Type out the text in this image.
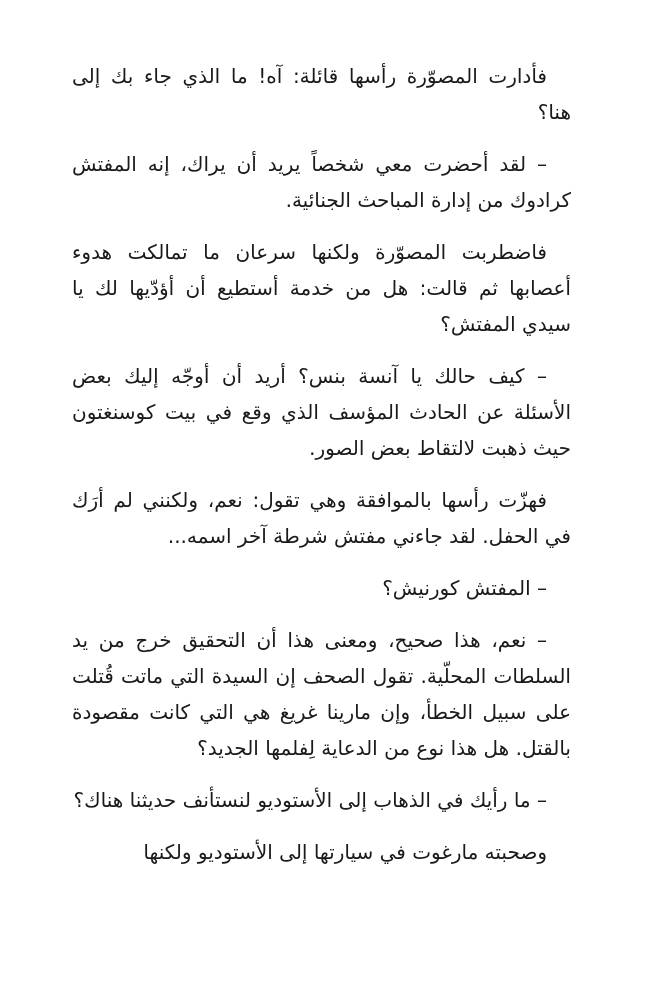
فأدارت المصوّرة رأسها قائلة: آه! ما الذي جاء بك إلى هنا؟

– لقد أحضرت معي شخصاً يريد أن يراك، إنه المفتش كرادوك من إدارة المباحث الجنائية.

فاضطربت المصوّرة ولكنها سرعان ما تمالكت هدوء أعصابها ثم قالت: هل من خدمة أستطيع أن أؤدّيها لك يا سيدي المفتش؟

– كيف حالك يا آنسة بنس؟ أريد أن أوجّه إليك بعض الأسئلة عن الحادث المؤسف الذي وقع في بيت كوسنغتون حيث ذهبت لالتقاط بعض الصور.

فهزّت رأسها بالموافقة وهي تقول: نعم، ولكنني لم أرَك في الحفل. لقد جاءني مفتش شرطة آخر اسمه...

– المفتش كورنيش؟

– نعم، هذا صحيح، ومعنى هذا أن التحقيق خرج من يد السلطات المحلّية. تقول الصحف إن السيدة التي ماتت قُتلت على سبيل الخطأ، وإن مارينا غريغ هي التي كانت مقصودة بالقتل. هل هذا نوع من الدعاية لِفلمها الجديد؟

– ما رأيك في الذهاب إلى الأستوديو لنستأنف حديثنا هناك؟

وصحبته مارغوت في سيارتها إلى الأستوديو ولكنها
